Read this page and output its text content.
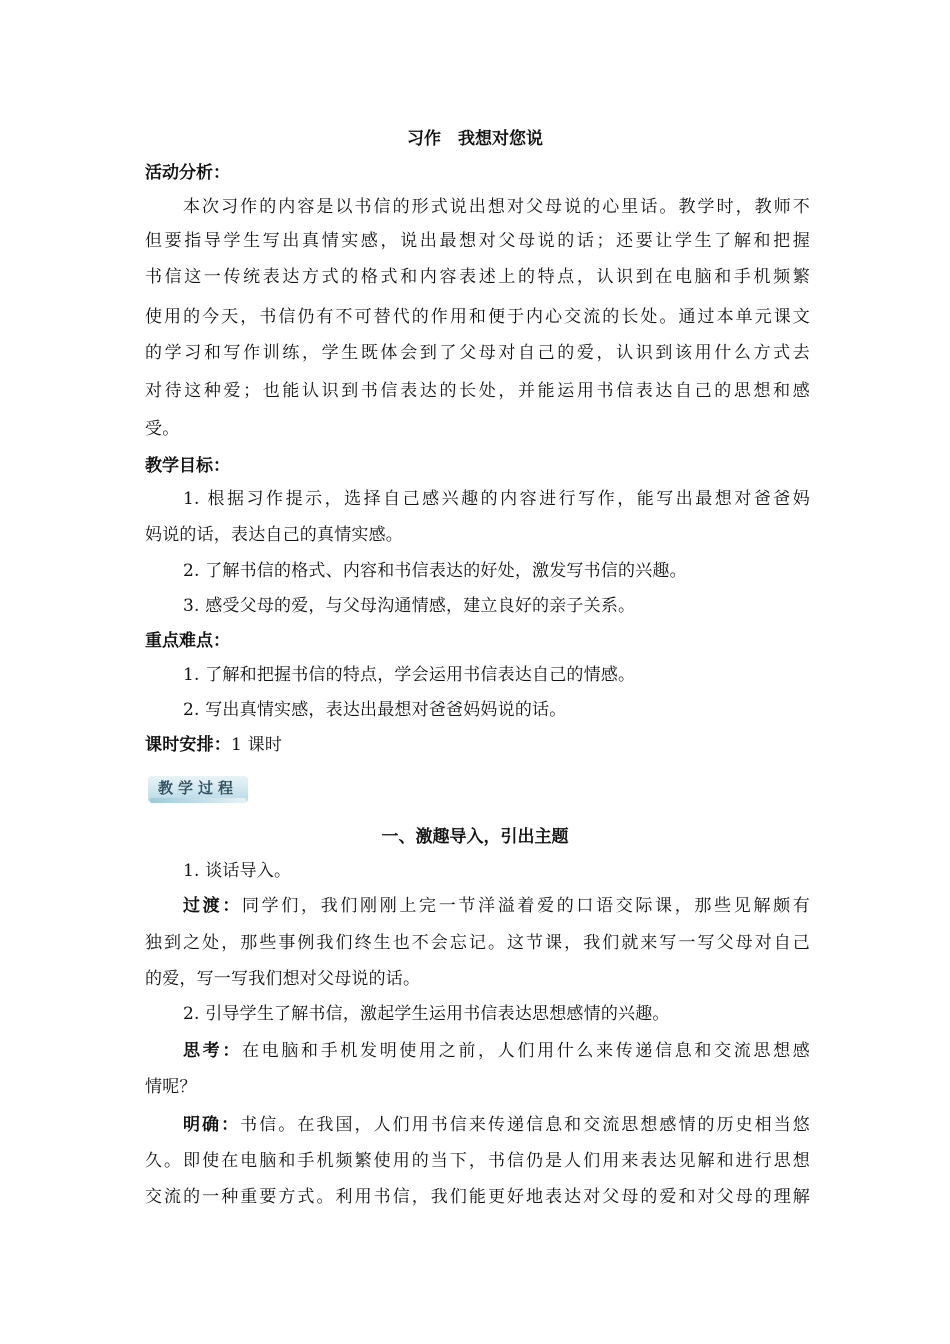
习作　我想对您说
活动分析：
本次习作的内容是以书信的形式说出想对父母说的心里话。教学时，教师不
但要指导学生写出真情实感，说出最想对父母说的话；还要让学生了解和把握
书信这一传统表达方式的格式和内容表述上的特点，认识到在电脑和手机频繁
使用的今天，书信仍有不可替代的作用和便于内心交流的长处。通过本单元课文
的学习和写作训练，学生既体会到了父母对自己的爱，认识到该用什么方式去
对待这种爱；也能认识到书信表达的长处，并能运用书信表达自己的思想和感
受。
教学目标：
1. 根据习作提示，选择自己感兴趣的内容进行写作，能写出最想对爸爸妈
妈说的话，表达自己的真情实感。
2. 了解书信的格式、内容和书信表达的好处，激发写书信的兴趣。
3. 感受父母的爱，与父母沟通情感，建立良好的亲子关系。
重点难点：
1. 了解和把握书信的特点，学会运用书信表达自己的情感。
2. 写出真情实感，表达出最想对爸爸妈妈说的话。
课时安排：1 课时
教学过程
一、激趣导入，引出主题
1. 谈话导入。
过渡：同学们，我们刚刚上完一节洋溢着爱的口语交际课，那些见解颇有
独到之处，那些事例我们终生也不会忘记。这节课，我们就来写一写父母对自己
的爱，写一写我们想对父母说的话。
2. 引导学生了解书信，激起学生运用书信表达思想感情的兴趣。
思考：在电脑和手机发明使用之前，人们用什么来传递信息和交流思想感
情呢？
明确：书信。在我国，人们用书信来传递信息和交流思想感情的历史相当悠
久。即使在电脑和手机频繁使用的当下，书信仍是人们用来表达见解和进行思想
交流的一种重要方式。利用书信，我们能更好地表达对父母的爱和对父母的理解
